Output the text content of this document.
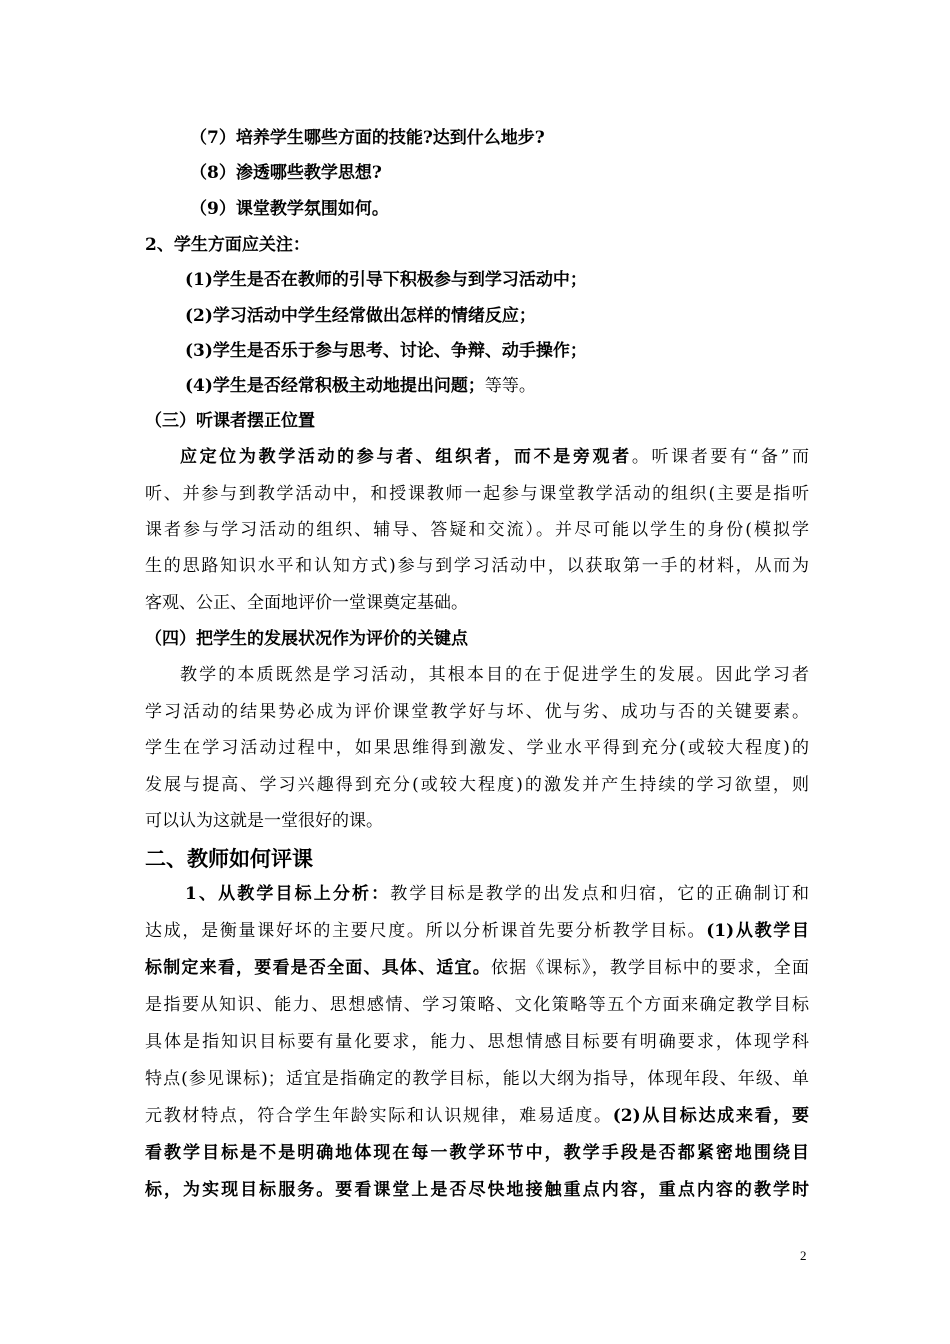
（7）培养学生哪些方面的技能?达到什么地步?
（8）渗透哪些教学思想?
（9）课堂教学氛围如何。
2、学生方面应关注：
(1)学生是否在教师的引导下积极参与到学习活动中；
(2)学习活动中学生经常做出怎样的情绪反应；
(3)学生是否乐于参与思考、讨论、争辩、动手操作；
(4)学生是否经常积极主动地提出问题；等等。
（三）听课者摆正位置
应定位为教学活动的参与者、组织者，而不是旁观者。听课者要有“备”而
听、并参与到教学活动中，和授课教师一起参与课堂教学活动的组织(主要是指听
课者参与学习活动的组织、辅导、答疑和交流）。并尽可能以学生的身份(模拟学
生的思路知识水平和认知方式)参与到学习活动中，以获取第一手的材料，从而为
客观、公正、全面地评价一堂课奠定基础。
（四）把学生的发展状况作为评价的关键点
教学的本质既然是学习活动，其根本目的在于促进学生的发展。因此学习者
学习活动的结果势必成为评价课堂教学好与坏、优与劣、成功与否的关键要素。
学生在学习活动过程中，如果思维得到激发、学业水平得到充分(或较大程度)的
发展与提高、学习兴趣得到充分(或较大程度)的激发并产生持续的学习欲望，则
可以认为这就是一堂很好的课。
二、教师如何评课
1、从教学目标上分析：教学目标是教学的出发点和归宿，它的正确制订和
达成，是衡量课好坏的主要尺度。所以分析课首先要分析教学目标。(1)从教学目
标制定来看，要看是否全面、具体、适宜。依据《课标》，教学目标中的要求，全面
是指要从知识、能力、思想感情、学习策略、文化策略等五个方面来确定教学目标
具体是指知识目标要有量化要求，能力、思想情感目标要有明确要求，体现学科
特点(参见课标)；适宜是指确定的教学目标，能以大纲为指导，体现年段、年级、单
元教材特点，符合学生年龄实际和认识规律，难易适度。(2)从目标达成来看，要
看教学目标是不是明确地体现在每一教学环节中，教学手段是否都紧密地围绕目
标，为实现目标服务。要看课堂上是否尽快地接触重点内容，重点内容的教学时
2
